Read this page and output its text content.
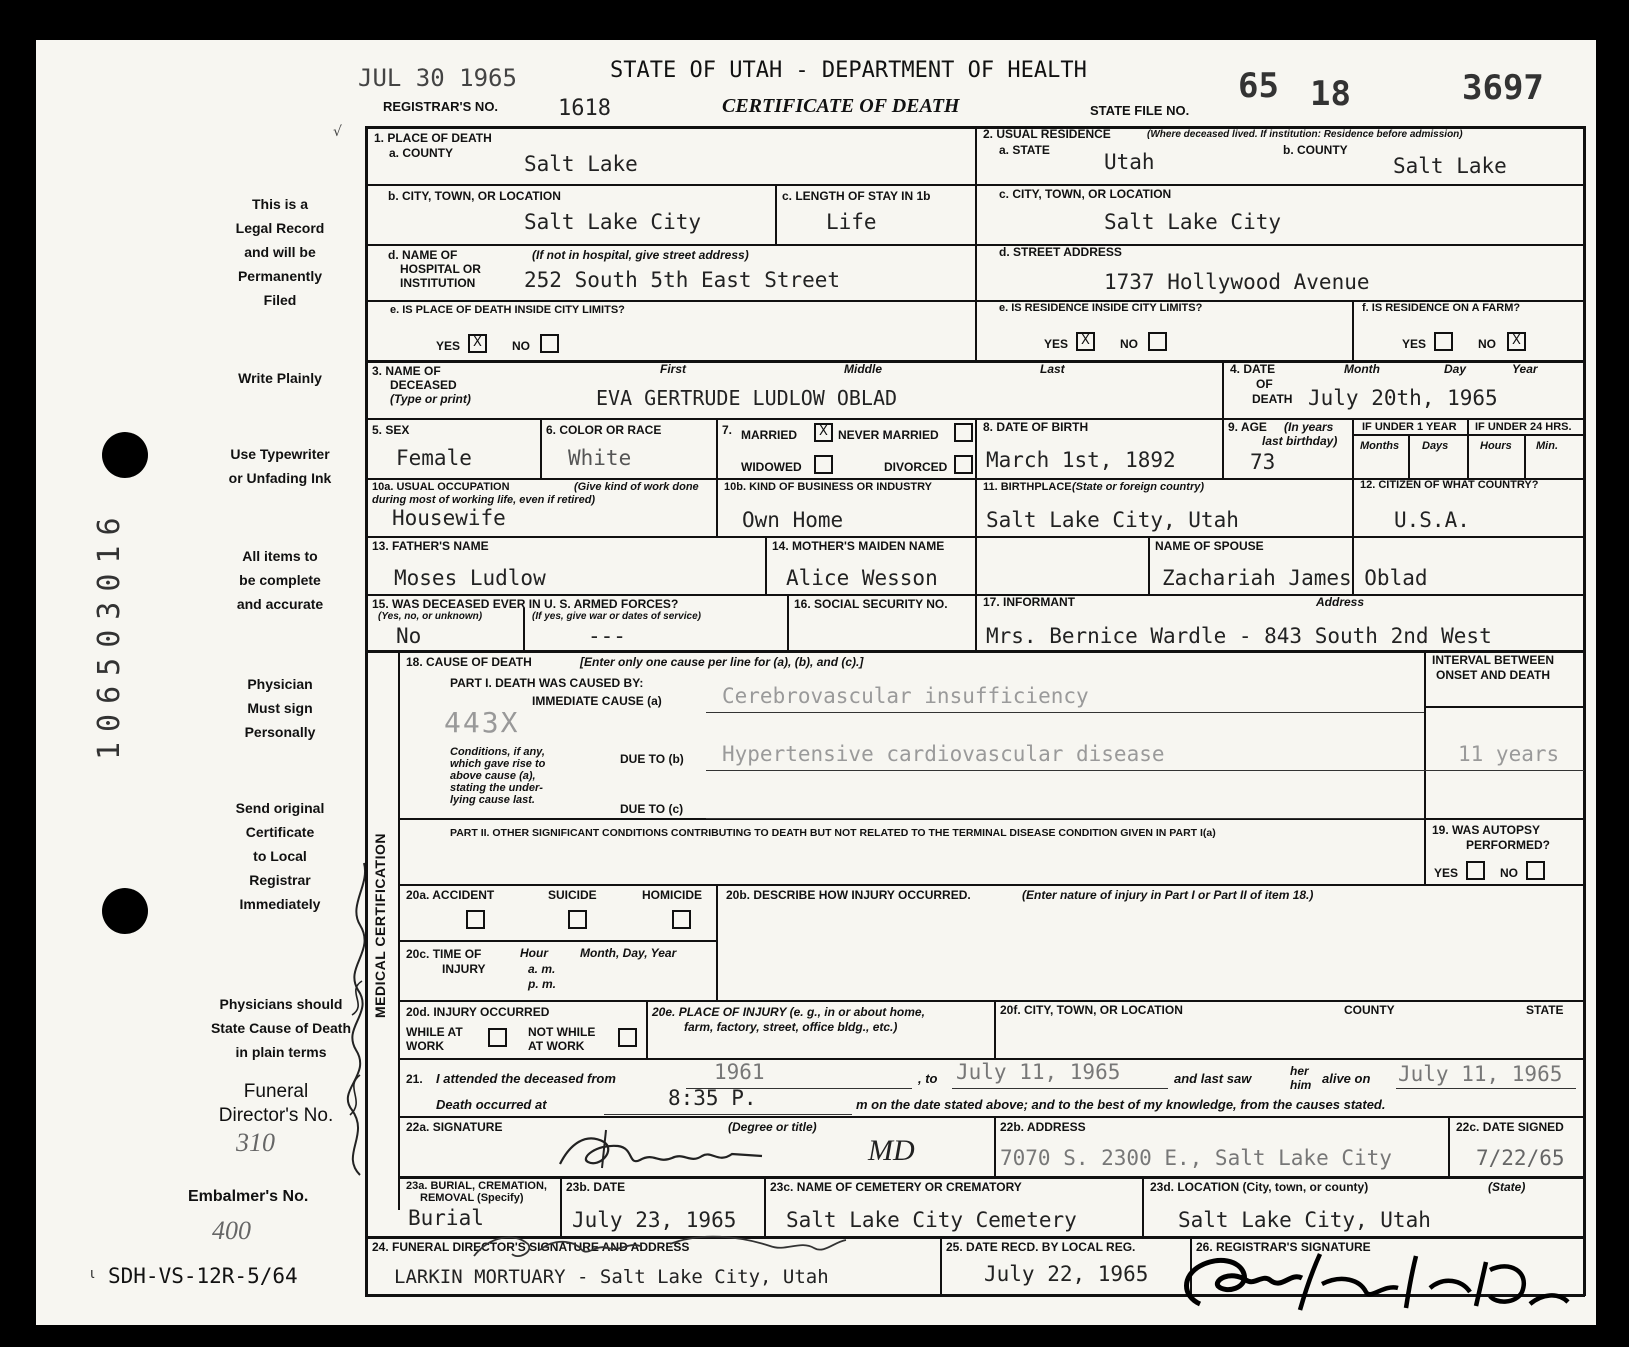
JUL 30 1965	STATE OF UTAH - DEPARTMENT OF HEALTH
REGISTRAR'S NO.	1618	CERTIFICATE OF DEATH	STATE FILE NO.
65 18	3697
√
This is a
Legal Record
and will be
Permanently
Filed
Write Plainly
Use Typewriter
or Unfading Ink
All items to
be complete
and accurate
Physician
Must sign
Personally
Send original
Certificate
to Local
Registrar
Immediately
Physicians should
State Cause of Death
in plain terms
Funeral
Director's No.
310
Embalmer's No.
400
106503016
SDH-VS-12R-5/64
ι
1. PLACE OF DEATH
a. COUNTY	Salt Lake
2. USUAL RESIDENCE	(Where deceased lived. If institution: Residence before admission)
a. STATE	Utah	b. COUNTY
Salt Lake
b. CITY, TOWN, OR LOCATION
Salt Lake City
c. LENGTH OF STAY IN 1b
Life
c. CITY, TOWN, OR LOCATION
Salt Lake City
d. NAME OF
HOSPITAL OR
INSTITUTION
(If not in hospital, give street address)
252 South 5th East Street
d. STREET ADDRESS
1737 Hollywood Avenue
e. IS PLACE OF DEATH INSIDE CITY LIMITS?
YES	X	NO
e. IS RESIDENCE INSIDE CITY LIMITS?
YES	X	NO
f. IS RESIDENCE ON A FARM?
YES	NO	X
3. NAME OF
DECEASED
(Type or print)
First	Middle	Last
EVA GERTRUDE LUDLOW OBLAD
4. DATE
OF
DEATH
Month	Day	Year
July 20th, 1965
5. SEX
Female
6. COLOR OR RACE
White
7. MARRIED	X NEVER MARRIED
WIDOWED	DIVORCED
8. DATE OF BIRTH
March 1st, 1892
9. AGE (In years
last birthday)
73
IF UNDER 1 YEAR IF UNDER 24 HRS.
Months Days	Hours Min.
10a. USUAL OCCUPATION	(Give kind of work done
during most of working life, even if retired)
Housewife
10b. KIND OF BUSINESS OR INDUSTRY
Own Home
11. BIRTHPLACE (State or foreign country)
Salt Lake City, Utah
12. CITIZEN OF WHAT COUNTRY?
U.S.A.
13. FATHER'S NAME
Moses Ludlow
14. MOTHER'S MAIDEN NAME
Alice Wesson
NAME OF SPOUSE
Zachariah James Oblad
15. WAS DECEASED EVER IN U. S. ARMED FORCES?
(Yes, no, or unknown)	(If yes, give war or dates of service)
No	---
16. SOCIAL SECURITY NO.	17. INFORMANT	Address
Mrs. Bernice Wardle - 843 South 2nd West
MEDICAL CERTIFICATION
18. CAUSE OF DEATH	[Enter only one cause per line for (a), (b), and (c).]
PART I. DEATH WAS CAUSED BY:
IMMEDIATE CAUSE (a)	Cerebrovascular insufficiency
443X
Conditions, if any,
which gave rise to
above cause (a),
stating the under-
lying cause last.
DUE TO (b) Hypertensive cardiovascular disease	11 years
DUE TO (c)
PART II. OTHER SIGNIFICANT CONDITIONS CONTRIBUTING TO DEATH BUT NOT RELATED TO THE TERMINAL DISEASE CONDITION GIVEN IN PART I(a)
INTERVAL BETWEEN
ONSET AND DEATH
19. WAS AUTOPSY
PERFORMED?
YES	NO
20a. ACCIDENT	SUICIDE	HOMICIDE 20b. DESCRIBE HOW INJURY OCCURRED.	(Enter nature of injury in Part I or Part II of item 18.)
20c. TIME OF
INJURY
Hour
a. m.
p. m.
Month, Day, Year
20d. INJURY OCCURRED
WHILE AT
WORK
NOT WHILE
AT WORK
20e. PLACE OF INJURY (e. g., in or about home,
farm, factory, street, office bldg., etc.)
20f. CITY, TOWN, OR LOCATION	COUNTY	STATE
21. I attended the deceased from	1961	, to July 11, 1965	and last saw	her
him alive on July 11, 1965
Death occurred at	8:35 P.	m on the date stated above; and to the best of my knowledge, from the causes stated.
22a. SIGNATURE	(Degree or title)
MD
22b. ADDRESS
7070 S. 2300 E., Salt Lake City
22c. DATE SIGNED
7/22/65
23a. BURIAL, CREMATION,
REMOVAL (Specify)
Burial
23b. DATE
July 23, 1965
23c. NAME OF CEMETERY OR CREMATORY
Salt Lake City Cemetery
23d. LOCATION (City, town, or county)	(State)
Salt Lake City, Utah
24. FUNERAL DIRECTOR'S SIGNATURE AND ADDRESS
LARKIN MORTUARY - Salt Lake City, Utah
25. DATE RECD. BY LOCAL REG.
July 22, 1965
26. REGISTRAR'S SIGNATURE
